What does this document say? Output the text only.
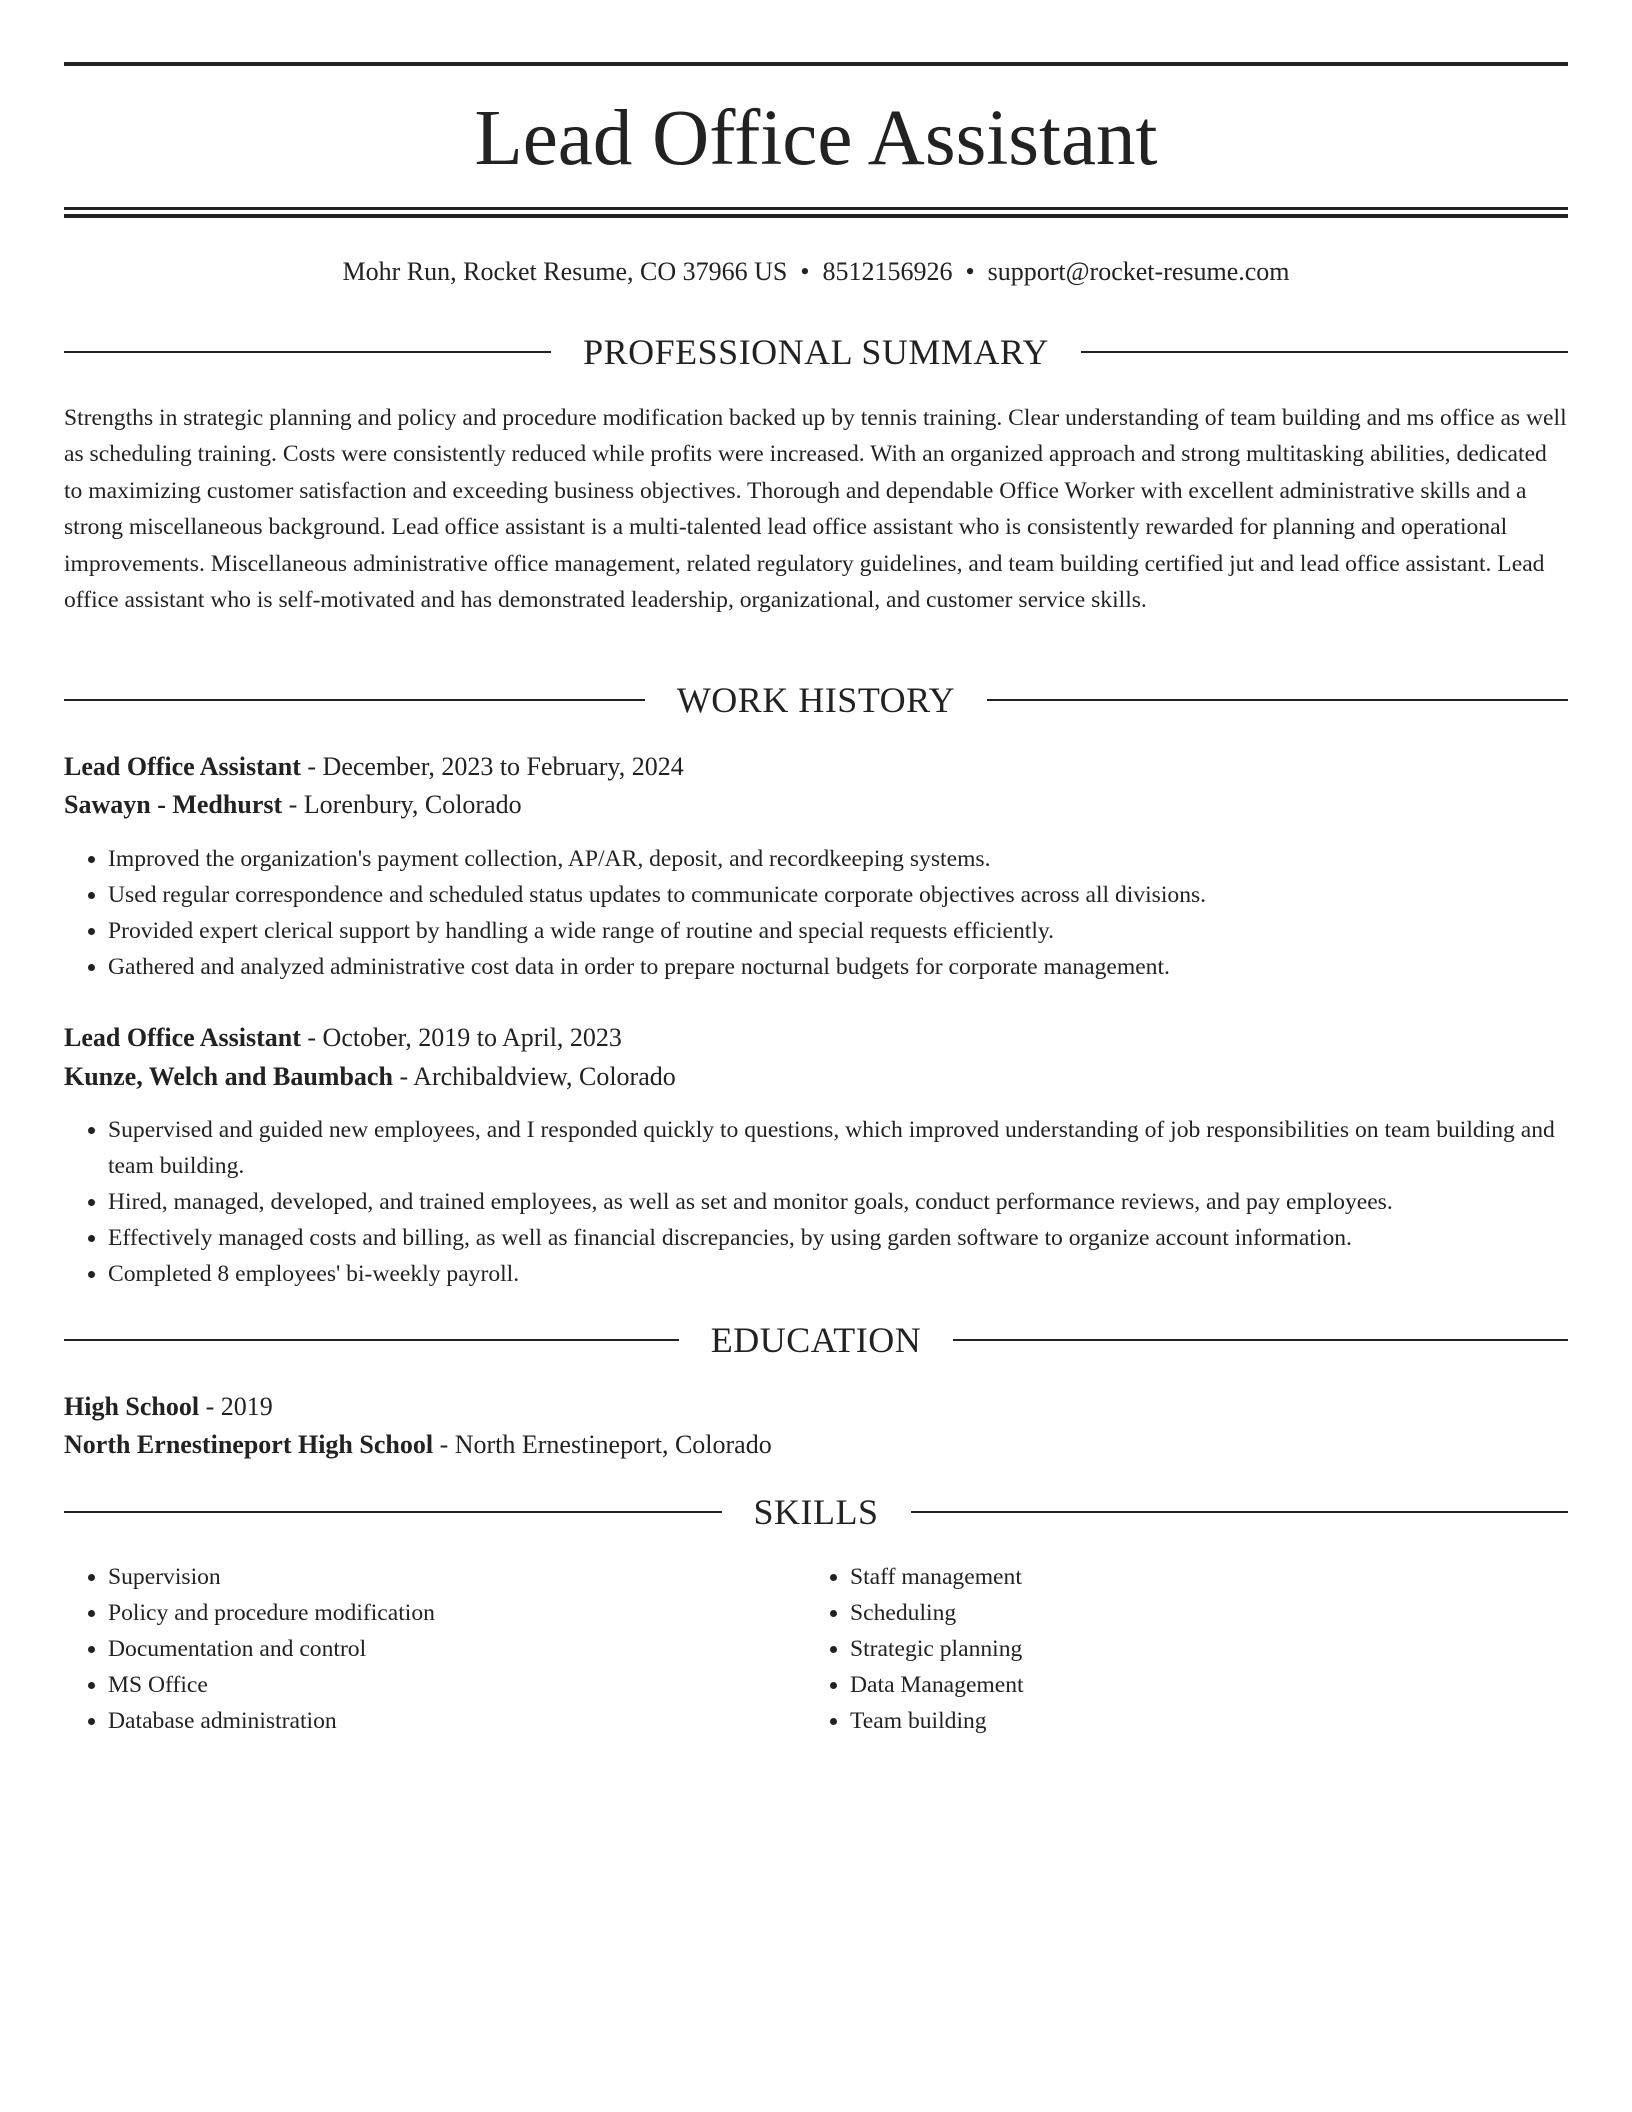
Lead Office Assistant
Mohr Run, Rocket Resume, CO 37966 US • 8512156926 • support@rocket-resume.com
PROFESSIONAL SUMMARY

Strengths in strategic planning and policy and procedure modification backed up by tennis training. Clear understanding of team building and ms office as well as scheduling training. Costs were consistently reduced while profits were increased. With an organized approach and strong multitasking abilities, dedicated to maximizing customer satisfaction and exceeding business objectives. Thorough and dependable Office Worker with excellent administrative skills and a strong miscellaneous background. Lead office assistant is a multi-talented lead office assistant who is consistently rewarded for planning and operational improvements. Miscellaneous administrative office management, related regulatory guidelines, and team building certified jut and lead office assistant. Lead office assistant who is self-motivated and has demonstrated leadership, organizational, and customer service skills.

WORK HISTORY
Lead Office Assistant - December, 2023 to February, 2024
Sawayn - Medhurst - Lorenbury, Colorado
• Improved the organization's payment collection, AP/AR, deposit, and recordkeeping systems.
• Used regular correspondence and scheduled status updates to communicate corporate objectives across all divisions.
• Provided expert clerical support by handling a wide range of routine and special requests efficiently.
• Gathered and analyzed administrative cost data in order to prepare nocturnal budgets for corporate management.
Lead Office Assistant - October, 2019 to April, 2023
Kunze, Welch and Baumbach - Archibaldview, Colorado
• Supervised and guided new employees, and I responded quickly to questions, which improved understanding of job responsibilities on team building and team building.
• Hired, managed, developed, and trained employees, as well as set and monitor goals, conduct performance reviews, and pay employees.
• Effectively managed costs and billing, as well as financial discrepancies, by using garden software to organize account information.
• Completed 8 employees' bi-weekly payroll.
EDUCATION
High School - 2019
North Ernestineport High School - North Ernestineport, Colorado
SKILLS
• Supervision
• Policy and procedure modification
• Documentation and control
• MS Office
• Database administration
• Staff management
• Scheduling
• Strategic planning
• Data Management
• Team building
